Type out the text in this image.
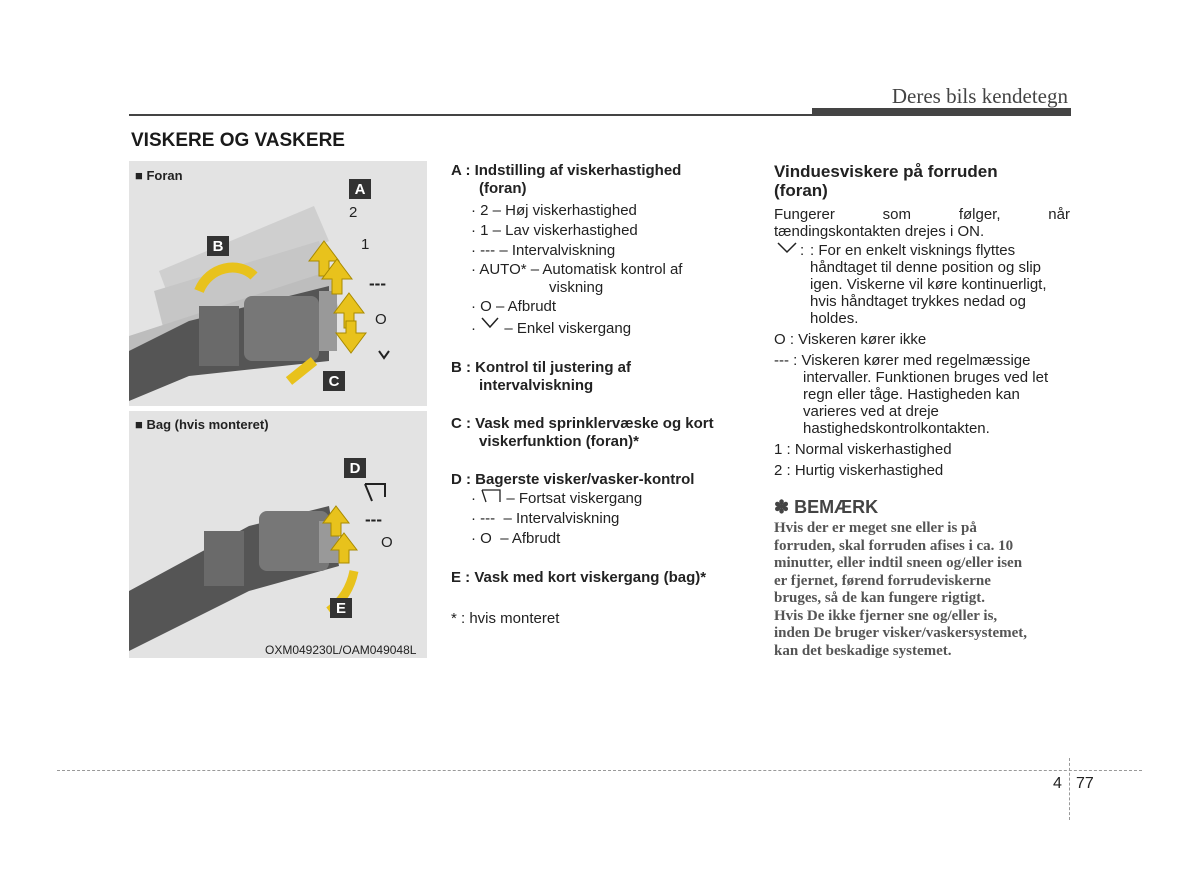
Deres bils kendetegn
VISKERE OG VASKERE
■ Foran
A
B
C
2
1
---
O
■ Bag (hvis monteret)
D
E
---
O
OXM049230L/OAM049048L
A : Indstilling af viskerhastighed
(foran)
· 2 – Høj viskerhastighed
· 1 – Lav viskerhastighed
· --- – Intervalviskning
· AUTO* – Automatisk kontrol af
viskning
· O – Afbrudt
· – Enkel viskergang
B : Kontrol til justering af
intervalviskning
C : Vask med sprinklervæske og kort
viskerfunktion (foran)*
D : Bagerste visker/vasker-kontrol
·  – Fortsat viskergang
· --- – Intervalviskning
· O – Afbrudt
E : Vask med kort viskergang (bag)*
* : hvis monteret
Vinduesviskere på forruden
(foran)
Fungerer	som	følger,	når
tændingskontakten drejes i ON.
: : For en enkelt visknings flyttes
håndtaget til denne position og slip
igen. Viskerne vil køre kontinuerligt,
hvis håndtaget trykkes nedad og
holdes.
O : Viskeren kører ikke
--- : Viskeren kører med regelmæssige
intervaller. Funktionen bruges ved let
regn eller tåge. Hastigheden kan
varieres ved at dreje
hastighedskontrolkontakten.
1 : Normal viskerhastighed
2 : Hurtig viskerhastighed
✽ BEMÆRK
Hvis der er meget sne eller is på
forruden, skal forruden afises i ca. 10
minutter, eller indtil sneen og/eller isen
er fjernet, førend forrudeviskerne
bruges, så de kan fungere rigtigt.
Hvis De ikke fjerner sne og/eller is,
inden De bruger visker/vaskersystemet,
kan det beskadige systemet.
4 77
